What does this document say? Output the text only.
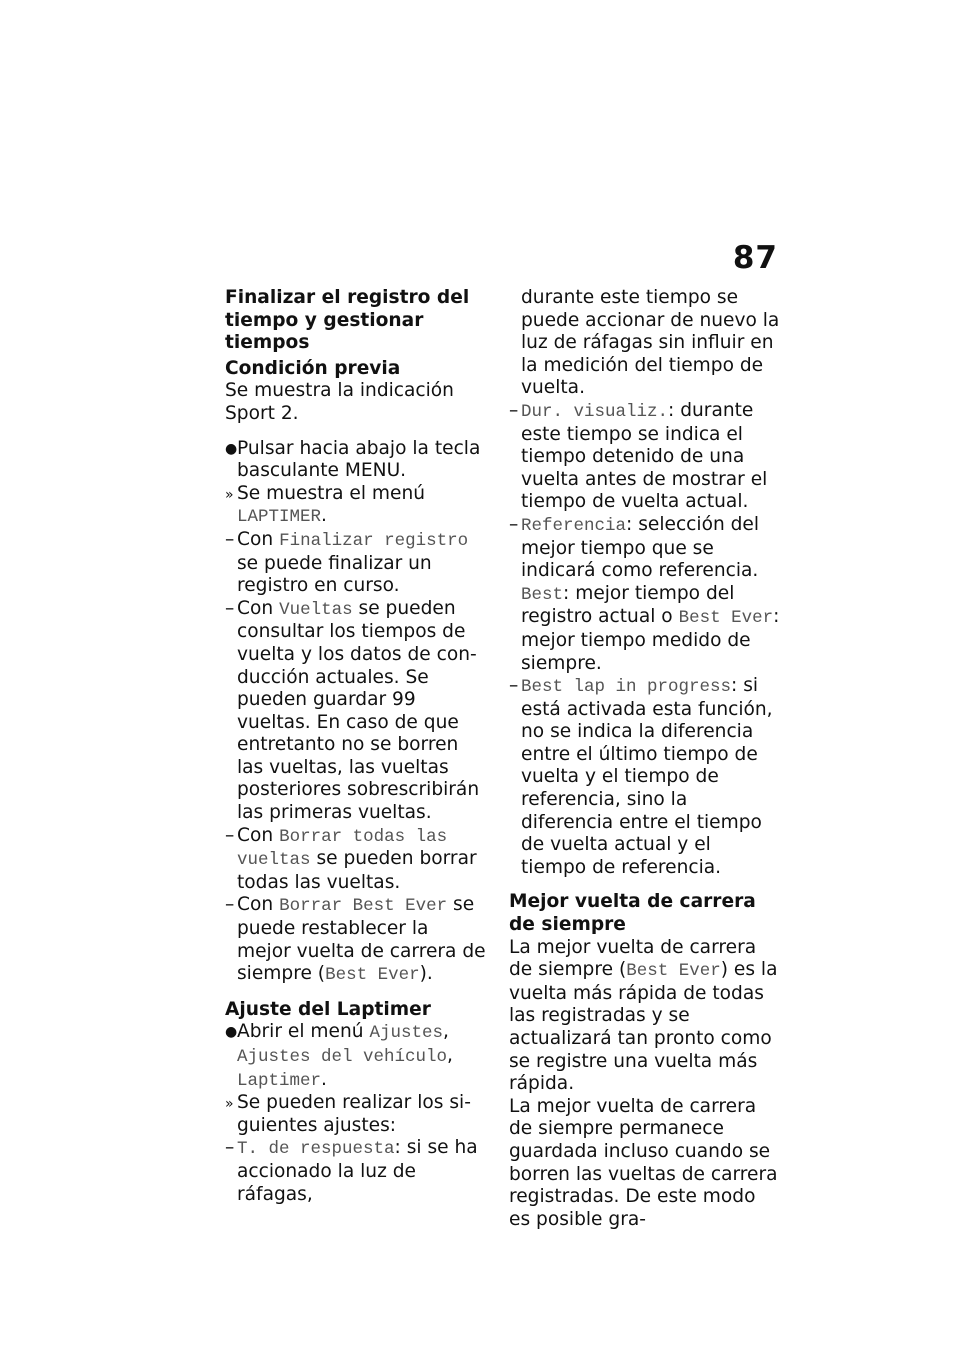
87

Finalizar el registro del tiempo y gestionar tiempos

Condición previa

Se muestra la indicación Sport 2.

● Pulsar hacia abajo la tecla basculante MENU.

» Se muestra el menú LAPTIMER.

– Con Finalizar registro se puede finalizar un registro en curso.

– Con Vueltas se pueden consultar los tiempos de vuelta y los datos de conducción actuales. Se pueden guardar 99 vueltas. En caso de que entretanto no se borren las vueltas, las vueltas posteriores sobrescribirán las primeras vueltas.

– Con Borrar todas las vueltas se pueden borrar todas las vueltas.

– Con Borrar Best Ever se puede restablecer la mejor vuelta de carrera de siempre (Best Ever).

Ajuste del Laptimer

● Abrir el menú Ajustes, Ajustes del vehículo, Laptimer.

» Se pueden realizar los siguientes ajustes:

– T. de respuesta: si se ha accionado la luz de ráfagas,

durante este tiempo se puede accionar de nuevo la luz de ráfagas sin influir en la medición del tiempo de vuelta.

– Dur. visualiz.: durante este tiempo se indica el tiempo detenido de una vuelta antes de mostrar el tiempo de vuelta actual.

– Referencia: selección del mejor tiempo que se indicará como referencia. Best: mejor tiempo del registro actual o Best Ever: mejor tiempo medido de siempre.

– Best lap in progress: si está activada esta función, no se indica la diferencia entre el último tiempo de vuelta y el tiempo de referencia, sino la diferencia entre el tiempo de vuelta actual y el tiempo de referencia.

Mejor vuelta de carrera de siempre

La mejor vuelta de carrera de siempre (Best Ever) es la vuelta más rápida de todas las registradas y se actualizará tan pronto como se registre una vuelta más rápida.

La mejor vuelta de carrera de siempre permanece guardada incluso cuando se borren las vueltas de carrera registradas. De este modo es posible gra-
